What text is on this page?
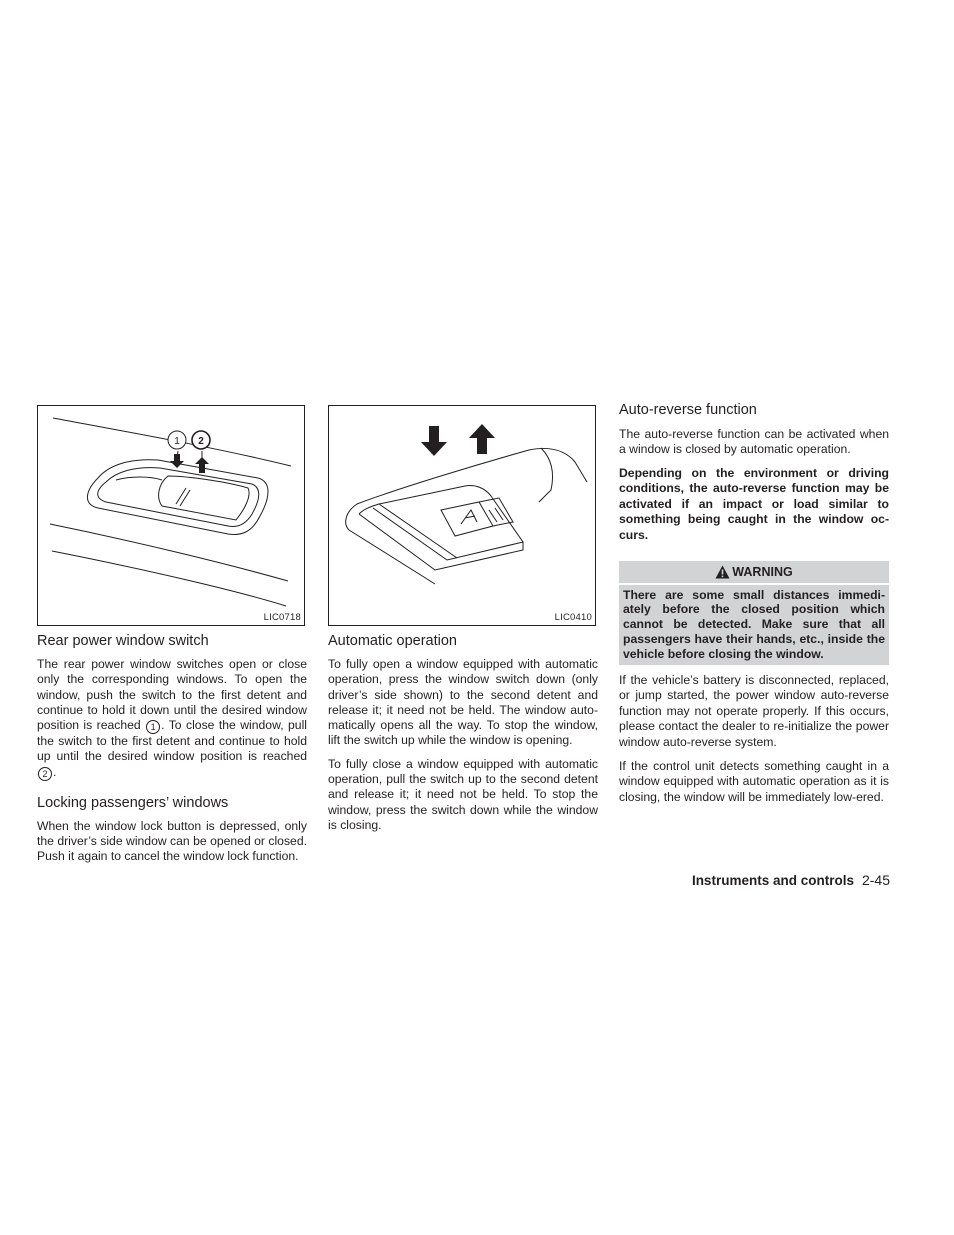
1 2
LIC0718
Rear power window switch

The rear power window switches open or close only the corresponding windows. To open the window, push the switch to the first detent and continue to hold it down until the desired window position is reached 1 . To close the window, pull the switch to the first detent and continue to hold up until the desired window position is reached 2 .

Locking passengers’ windows

When the window lock button is depressed, only the driver’s side window can be opened or closed. Push it again to cancel the window lock function.

LIC0410
Automatic operation

To fully open a window equipped with automatic operation, press the window switch down (only driver’s side shown) to the second detent and release it; it need not be held. The window auto-matically opens all the way. To stop the window, lift the switch up while the window is opening.

To fully close a window equipped with automatic operation, pull the switch up to the second detent and release it; it need not be held. To stop the window, press the switch down while the window is closing.

Auto-reverse function

The auto-reverse function can be activated when a window is closed by automatic operation.

Depending on the environment or driving conditions, the auto-reverse function may be activated if an impact or load similar to something being caught in the window oc-curs.

WARNING

There are some small distances immedi-ately before the closed position which cannot be detected. Make sure that all passengers have their hands, etc., inside the vehicle before closing the window.

If the vehicle’s battery is disconnected, replaced, or jump started, the power window auto-reverse function may not operate properly. If this occurs, please contact the dealer to re-initialize the power window auto-reverse system.

If the control unit detects something caught in a window equipped with automatic operation as it is closing, the window will be immediately low-ered.

Instruments and controls 2-45
